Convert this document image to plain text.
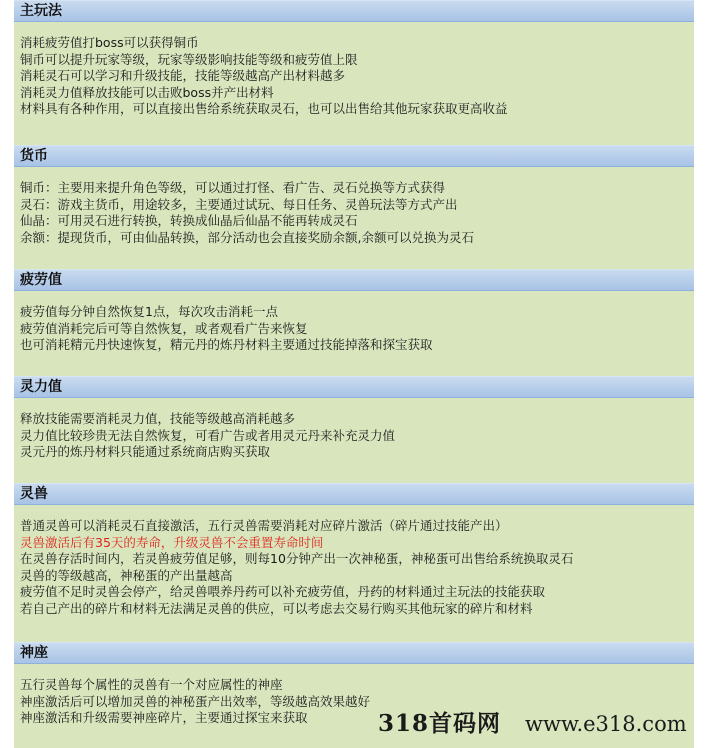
主玩法
消耗疲劳值打boss可以获得铜币
铜币可以提升玩家等级，玩家等级影响技能等级和疲劳值上限
消耗灵石可以学习和升级技能，技能等级越高产出材料越多
消耗灵力值释放技能可以击败boss并产出材料
材料具有各种作用，可以直接出售给系统获取灵石，也可以出售给其他玩家获取更高收益
货币
铜币：主要用来提升角色等级，可以通过打怪、看广告、灵石兑换等方式获得
灵石：游戏主货币，用途较多，主要通过试玩、每日任务、灵兽玩法等方式产出
仙晶：可用灵石进行转换，转换成仙晶后仙晶不能再转成灵石
余额：提现货币，可由仙晶转换，部分活动也会直接奖励余额,余额可以兑换为灵石
疲劳值
疲劳值每分钟自然恢复1点，每次攻击消耗一点
疲劳值消耗完后可等自然恢复，或者观看广告来恢复
也可消耗精元丹快速恢复，精元丹的炼丹材料主要通过技能掉落和探宝获取
灵力值
释放技能需要消耗灵力值，技能等级越高消耗越多
灵力值比较珍贵无法自然恢复，可看广告或者用灵元丹来补充灵力值
灵元丹的炼丹材料只能通过系统商店购买获取
灵兽
普通灵兽可以消耗灵石直接激活，五行灵兽需要消耗对应碎片激活（碎片通过技能产出）
灵兽激活后有35天的寿命，升级灵兽不会重置寿命时间
在灵兽存活时间内，若灵兽疲劳值足够，则每10分钟产出一次神秘蛋，神秘蛋可出售给系统换取灵石
灵兽的等级越高，神秘蛋的产出量越高
疲劳值不足时灵兽会停产，给灵兽喂养丹药可以补充疲劳值，丹药的材料通过主玩法的技能获取
若自己产出的碎片和材料无法满足灵兽的供应，可以考虑去交易行购买其他玩家的碎片和材料
神座
五行灵兽每个属性的灵兽有一个对应属性的神座
神座激活后可以增加灵兽的神秘蛋产出效率，等级越高效果越好
神座激活和升级需要神座碎片，主要通过探宝来获取	318首码网 www.e318.com
